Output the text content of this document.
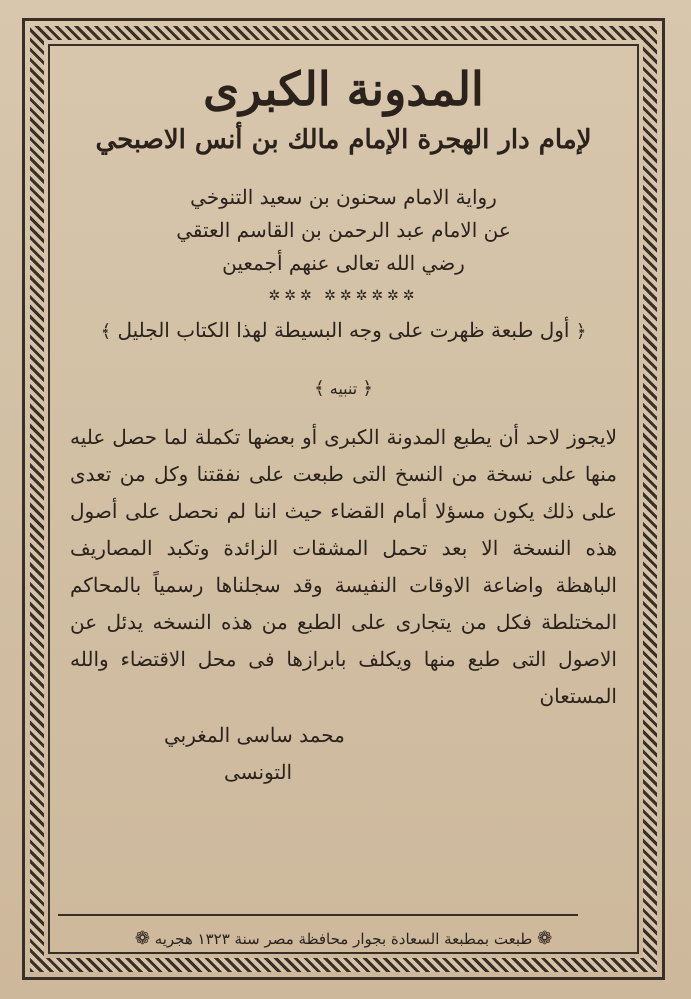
المدونة الكبرى
لإمام دار الهجرة الإمام مالك بن أنس الاصبحي
رواية الامام سحنون بن سعيد التنوخي
عن الامام عبد الرحمن بن القاسم العتقي
رضي الله تعالى عنهم أجمعين
✲✲✲✲✲✲ ✲✲✲
﴿ أول طبعة ظهرت على وجه البسيطة لهذا الكتاب الجليل ﴾
﴿ تنبيه ﴾
لايجوز لاحد أن يطبع المدونة الكبرى أو بعضها تكملة لما حصل عليه منها على نسخة من النسخ التى طبعت على نفقتنا وكل من تعدى على ذلك يكون مسؤلا أمام القضاء حيث اننا لم نحصل على أصول هذه النسخة الا بعد تحمل المشقات الزائدة وتكبد المصاريف الباهظة واضاعة الاوقات النفيسة وقد سجلناها رسمياً بالمحاكم المختلطة فكل من يتجارى على الطبع من هذه النسخه يدئل عن الاصول التى طبع منها ويكلف بابرازها فى محل الاقتضاء والله المستعان
محمد ساسى المغربي
التونسى
❁ طبعت بمطبعة السعادة بجوار محافظة مصر سنة ١٣٢٣ هجريه ❁
